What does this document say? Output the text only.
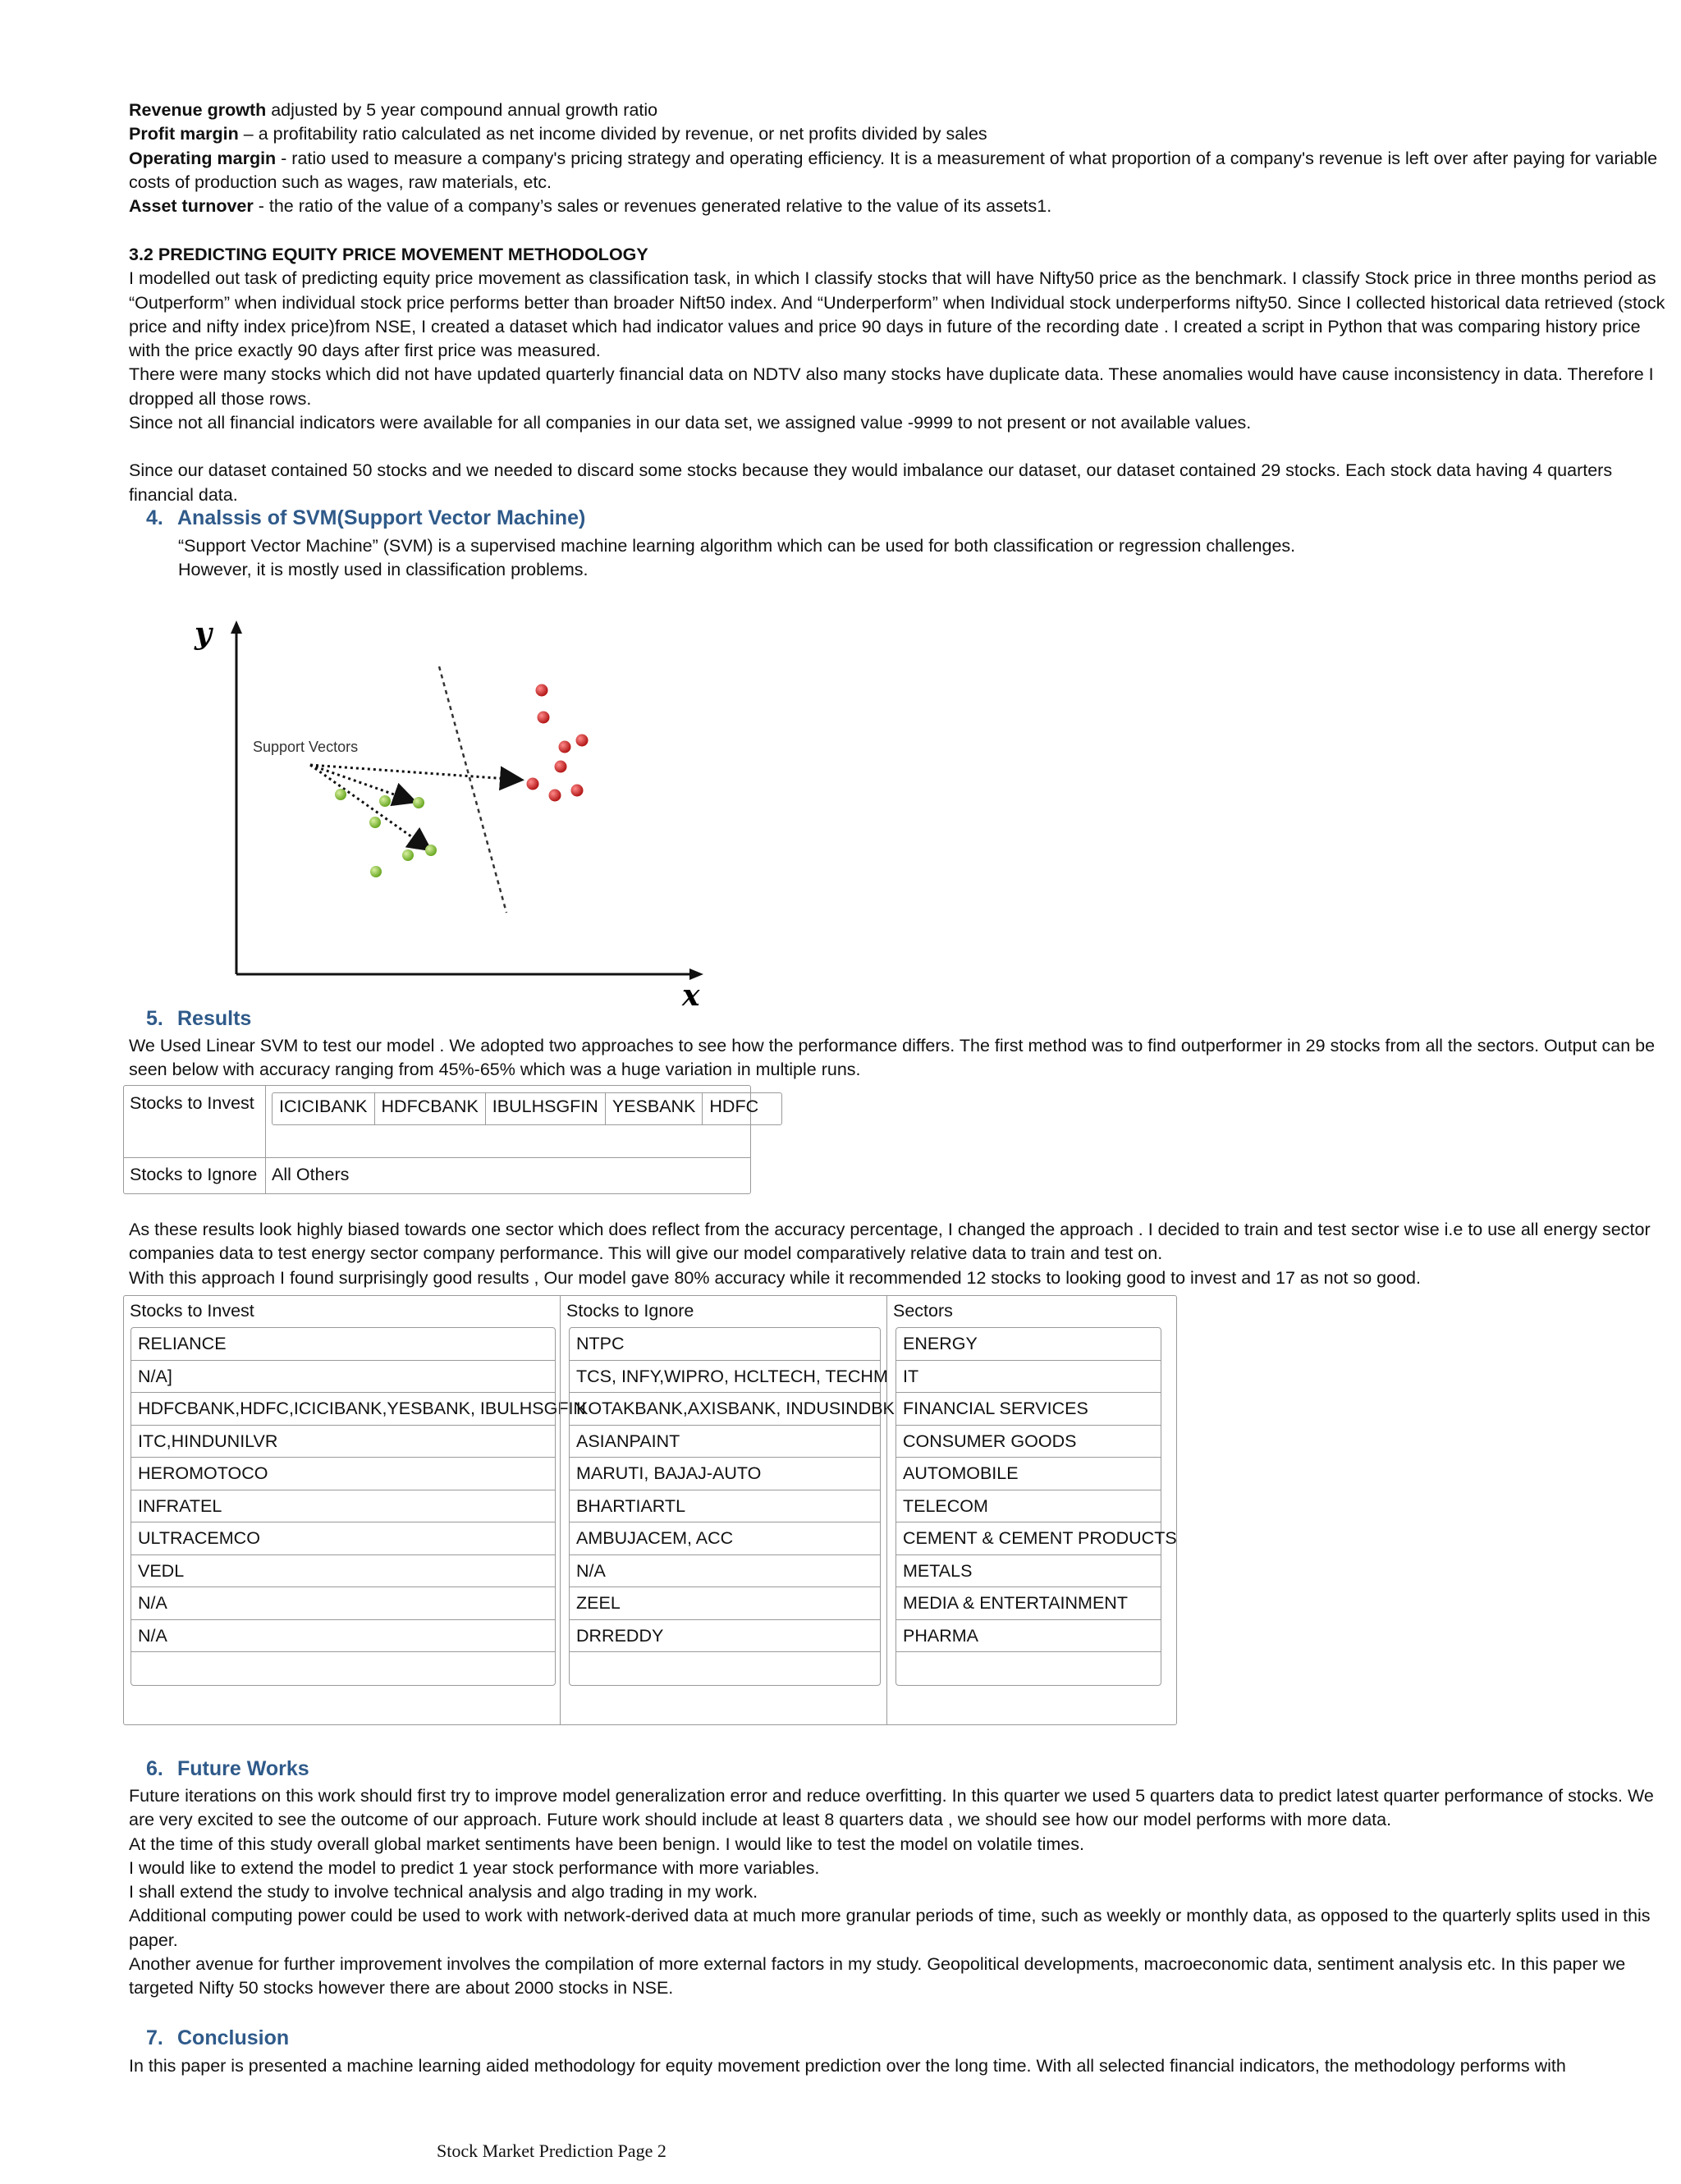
Revenue growth adjusted by 5 year compound annual growth ratio

Profit margin – a profitability ratio calculated as net income divided by revenue, or net profits divided by sales

Operating margin - ratio used to measure a company's pricing strategy and operating efficiency. It is a measurement of what proportion of a company's revenue is left over after paying for variable costs of production such as wages, raw materials, etc.

Asset turnover - the ratio of the value of a company’s sales or revenues generated relative to the value of its assets1.

3.2 PREDICTING EQUITY PRICE MOVEMENT METHODOLOGY

I modelled out task of predicting equity price movement as classification task, in which I classify stocks that will have Nifty50 price as the benchmark. I classify Stock price in three months period as “Outperform” when individual stock price performs better than broader Nift50 index. And “Underperform” when Individual stock underperforms nifty50. Since I collected historical data retrieved (stock price and nifty index price)from NSE, I created a dataset which had indicator values and price 90 days in future of the recording date . I created a script in Python that was comparing history price with the price exactly 90 days after first price was measured.

There were many stocks which did not have updated quarterly financial data on NDTV also many stocks have duplicate data. These anomalies would have cause inconsistency in data. Therefore I dropped all those rows.

Since not all financial indicators were available for all companies in our data set, we assigned value -9999 to not present or not available values.

Since our dataset contained 50 stocks and we needed to discard some stocks because they would imbalance our dataset, our dataset contained 29 stocks. Each stock data having 4 quarters financial data.

4. Analssis of SVM(Support Vector Machine)

“Support Vector Machine” (SVM) is a supervised machine learning algorithm which can be used for both classification or regression challenges.

However, it is mostly used in classification problems.

y
x
Support Vectors
5. Results

We Used Linear SVM to test our model . We adopted two approaches to see how the performance differs. The first method was to find outperformer in 29 stocks from all the sectors. Output can be seen below with accuracy ranging from 45%-65% which was a huge variation in multiple runs.

Stocks to Invest	ICICIBANK HDFCBANK IBULHSGFIN YESBANK HDFC
Stocks to Ignore All Others

As these results look highly biased towards one sector which does reflect from the accuracy percentage, I changed the approach . I decided to train and test sector wise i.e to use all energy sector companies data to test energy sector company performance. This will give our model comparatively relative data to train and test on.

With this approach I found surprisingly good results , Our model gave 80% accuracy while it recommended 12 stocks to looking good to invest and 17 as not so good.

Stocks to Invest
RELIANCE
N/A]
HDFCBANK,HDFC,ICICIBANK,YESBANK, IBULHSGFIN
ITC,HINDUNILVR
HEROMOTOCO
INFRATEL
ULTRACEMCO
VEDL
N/A
N/A
Stocks to Ignore
NTPC
TCS, INFY,WIPRO, HCLTECH, TECHM
KOTAKBANK,AXISBANK, INDUSINDBK
ASIANPAINT
MARUTI, BAJAJ-AUTO
BHARTIARTL
AMBUJACEM, ACC
N/A
ZEEL
DRREDDY
Sectors
ENERGY
IT
FINANCIAL SERVICES
CONSUMER GOODS
AUTOMOBILE
TELECOM
CEMENT & CEMENT PRODUCTS
METALS
MEDIA & ENTERTAINMENT
PHARMA
6. Future Works

Future iterations on this work should first try to improve model generalization error and reduce overfitting. In this quarter we used 5 quarters data to predict latest quarter performance of stocks. We are very excited to see the outcome of our approach. Future work should include at least 8 quarters data , we should see how our model performs with more data.

At the time of this study overall global market sentiments have been benign. I would like to test the model on volatile times.

I would like to extend the model to predict 1 year stock performance with more variables.

I shall extend the study to involve technical analysis and algo trading in my work.

Additional computing power could be used to work with network-derived data at much more granular periods of time, such as weekly or monthly data, as opposed to the quarterly splits used in this paper.

Another avenue for further improvement involves the compilation of more external factors in my study. Geopolitical developments, macroeconomic data, sentiment analysis etc. In this paper we targeted Nifty 50 stocks however there are about 2000 stocks in NSE.

7. Conclusion

In this paper is presented a machine learning aided methodology for equity movement prediction over the long time. With all selected financial indicators, the methodology performs with

Stock Market Prediction Page 2
